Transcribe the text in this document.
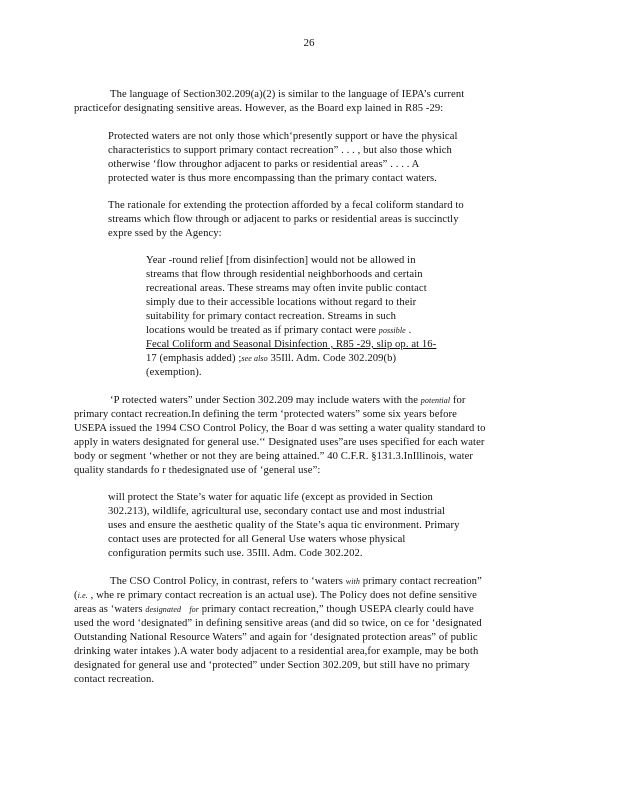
26
The language of Section302.209(a)(2) is similar to the language of IEPA’s current
practicefor designating sensitive areas. However, as the Board exp lained in R85 -29:
Protected waters are not only those which‘presently support or have the physical
characteristics to support primary contact recreation” . . . , but also those which
otherwise ‘flow throughor adjacent to parks or residential areas” . . . . A
protected water is thus more encompassing than the primary contact waters.
The rationale for extending the protection afforded by a fecal coliform standard to
streams which flow through or adjacent to parks or residential areas is succinctly
expre ssed by the Agency:
Year -round relief [from disinfection] would not be allowed in
streams that flow through residential neighborhoods and certain
recreational areas. These streams may often invite public contact
simply due to their accessible locations without regard to their
suitability for primary contact recreation. Streams in such
locations would be treated as if primary contact were possible .
Fecal Coliform and Seasonal Disinfection , R85 -29, slip op. at 16-
17 (emphasis added) ;see also 35Ill. Adm. Code 302.209(b)
(exemption).
‘P rotected waters” under Section 302.209 may include waters with the potential for
primary contact recreation.In defining the term ‘protected waters” some six years before
USEPA issued the 1994 CSO Control Policy, the Boar d was setting a water quality standard to
apply in waters designated for general use.‘‘ Designated uses”are uses specified for each water
body or segment ‘whether or not they are being attained.” 40 C.F.R. §131.3.InIllinois, water
quality standards fo r thedesignated use of ‘general use”:
will protect the State’s water for aquatic life (except as provided in Section
302.213), wildlife, agricultural use, secondary contact use and most industrial
uses and ensure the aesthetic quality of the State’s aqua tic environment. Primary
contact uses are protected for all General Use waters whose physical
configuration permits such use. 35Ill. Adm. Code 302.202.
The CSO Control Policy, in contrast, refers to ‘waters with primary contact recreation”
(i.e. , whe re primary contact recreation is an actual use). The Policy does not define sensitive
areas as ‘waters designated for primary contact recreation,” though USEPA clearly could have
used the word ‘designated” in defining sensitive areas (and did so twice, on ce for ‘designated
Outstanding National Resource Waters” and again for ‘designated protection areas” of public
drinking water intakes ).A water body adjacent to a residential area,for example, may be both
designated for general use and ‘protected” under Section 302.209, but still have no primary
contact recreation.
